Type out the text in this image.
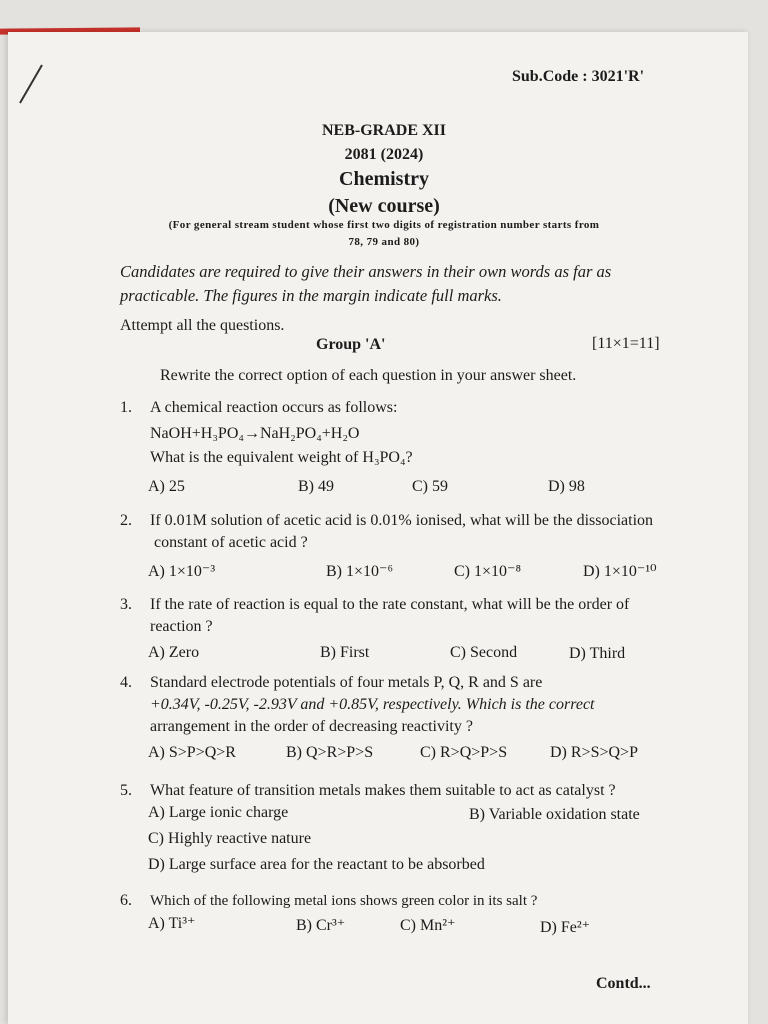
Sub.Code : 3021'R'
NEB-GRADE XII
2081 (2024)
Chemistry
(New course)
(For general stream student whose first two digits of registration number starts from
78, 79 and 80)
Candidates are required to give their answers in their own words as far as practicable. The figures in the margin indicate full marks.
Attempt all the questions.
Group 'A'	[11×1=11]
Rewrite the correct option of each question in your answer sheet.
1.	A chemical reaction occurs as follows:
NaOH+H₃PO₄→NaH₂PO₄+H₂O
What is the equivalent weight of H₃PO₄?
A) 25	B) 49	C) 59	D) 98
2.	If 0.01M solution of acetic acid is 0.01% ionised, what will be the dissociation
constant of acetic acid ?
A) 1×10⁻³	B) 1×10⁻⁶	C) 1×10⁻⁸	D) 1×10⁻¹⁰
3.	If the rate of reaction is equal to the rate constant, what will be the order of
reaction ?
A) Zero	B) First	C) Second	D) Third
4.	Standard electrode potentials of four metals P, Q, R and S are
+0.34V, -0.25V, -2.93V and +0.85V, respectively. Which is the correct
arrangement in the order of decreasing reactivity ?
A) S>P>Q>R	B) Q>R>P>S	C) R>Q>P>S	D) R>S>Q>P
5.	What feature of transition metals makes them suitable to act as catalyst ?
A) Large ionic charge	B) Variable oxidation state
C) Highly reactive nature
D) Large surface area for the reactant to be absorbed
6.	Which of the following metal ions shows green color in its salt ?
A) Ti³⁺	B) Cr³⁺	C) Mn²⁺	D) Fe²⁺
Contd...
